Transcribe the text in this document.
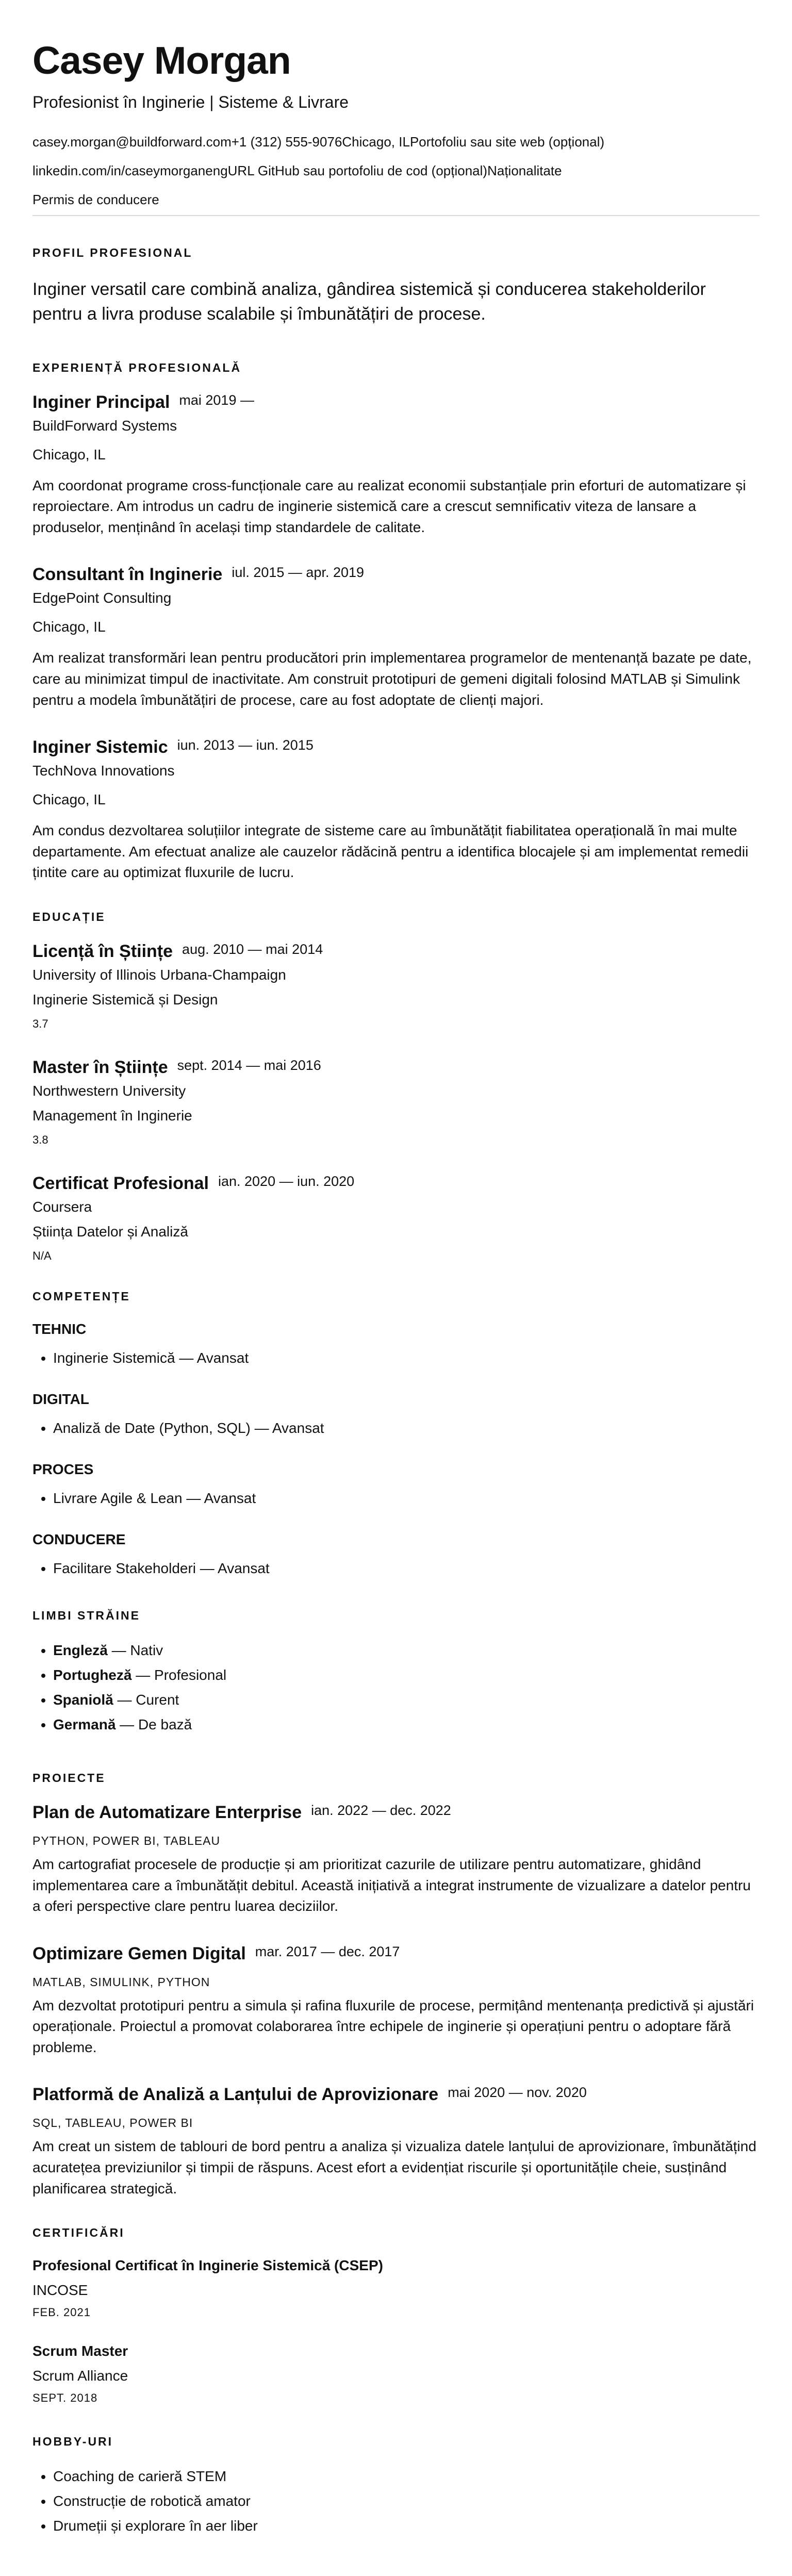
Casey Morgan
Profesionist în Inginerie | Sisteme & Livrare
casey.morgan@buildforward.com+1 (312) 555-9076Chicago, ILPortofoliu sau site web (opțional)
linkedin.com/in/caseymorganengURL GitHub sau portofoliu de cod (opțional)Naționalitate
Permis de conducere
PROFIL PROFESIONAL

Inginer versatil care combină analiza, gândirea sistemică și conducerea stakeholderilor pentru a livra produse scalabile și îmbunătățiri de procese.

EXPERIENȚĂ PROFESIONALĂ
Inginer Principal mai 2019 —
BuildForward Systems
Chicago, IL
Am coordonat programe cross-funcționale care au realizat economii substanțiale prin eforturi de automatizare și reproiectare. Am introdus un cadru de inginerie sistemică care a crescut semnificativ viteza de lansare a produselor, menținând în același timp standardele de calitate.
Consultant în Inginerie iul. 2015 — apr. 2019
EdgePoint Consulting
Chicago, IL
Am realizat transformări lean pentru producători prin implementarea programelor de mentenanță bazate pe date, care au minimizat timpul de inactivitate. Am construit prototipuri de gemeni digitali folosind MATLAB și Simulink pentru a modela îmbunătățiri de procese, care au fost adoptate de clienți majori.
Inginer Sistemic iun. 2013 — iun. 2015
TechNova Innovations
Chicago, IL
Am condus dezvoltarea soluțiilor integrate de sisteme care au îmbunătățit fiabilitatea operațională în mai multe departamente. Am efectuat analize ale cauzelor rădăcină pentru a identifica blocajele și am implementat remedii țintite care au optimizat fluxurile de lucru.
EDUCAȚIE
Licență în Științe aug. 2010 — mai 2014
University of Illinois Urbana-Champaign
Inginerie Sistemică și Design
3.7
Master în Științe sept. 2014 — mai 2016
Northwestern University
Management în Inginerie
3.8
Certificat Profesional ian. 2020 — iun. 2020
Coursera
Știința Datelor și Analiză
N/A
COMPETENȚE
TEHNIC
• Inginerie Sistemică — Avansat
DIGITAL
• Analiză de Date (Python, SQL) — Avansat
PROCES
• Livrare Agile & Lean — Avansat
CONDUCERE
• Facilitare Stakeholderi — Avansat
LIMBI STRĂINE
• Engleză — Nativ
• Portugheză — Profesional
• Spaniolă — Curent
• Germană — De bază
PROIECTE
Plan de Automatizare Enterprise ian. 2022 — dec. 2022
PYTHON, POWER BI, TABLEAU
Am cartografiat procesele de producție și am prioritizat cazurile de utilizare pentru automatizare, ghidând implementarea care a îmbunătățit debitul. Această inițiativă a integrat instrumente de vizualizare a datelor pentru a oferi perspective clare pentru luarea deciziilor.
Optimizare Gemen Digital mar. 2017 — dec. 2017
MATLAB, SIMULINK, PYTHON
Am dezvoltat prototipuri pentru a simula și rafina fluxurile de procese, permițând mentenanța predictivă și ajustări operaționale. Proiectul a promovat colaborarea între echipele de inginerie și operațiuni pentru o adoptare fără probleme.
Platformă de Analiză a Lanțului de Aprovizionare mai 2020 — nov. 2020
SQL, TABLEAU, POWER BI
Am creat un sistem de tablouri de bord pentru a analiza și vizualiza datele lanțului de aprovizionare, îmbunătățind acuratețea previziunilor și timpii de răspuns. Acest efort a evidențiat riscurile și oportunitățile cheie, susținând planificarea strategică.
CERTIFICĂRI
Profesional Certificat în Inginerie Sistemică (CSEP)
INCOSE
FEB. 2021
Scrum Master
Scrum Alliance
SEPT. 2018
HOBBY-URI
• Coaching de carieră STEM
• Construcție de robotică amator
• Drumeții și explorare în aer liber
